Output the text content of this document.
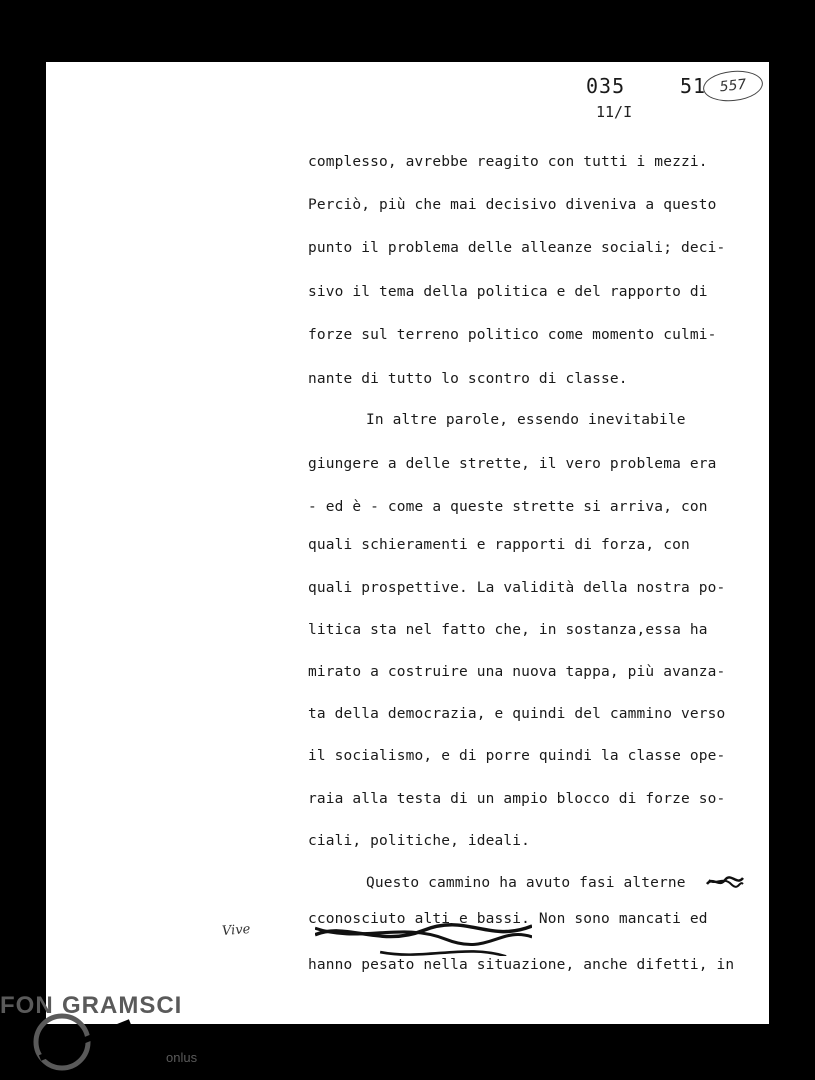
035	51 557
11/I
complesso, avrebbe reagito con tutti i mezzi.
Perciò, più che mai decisivo diveniva a questo
punto il problema delle alleanze sociali; deci-
sivo il tema della politica e del rapporto di
forze sul terreno politico come momento culmi-
nante di tutto lo scontro di classe.
In altre parole, essendo inevitabile
giungere a delle strette, il vero problema era
- ed è - come a queste strette si arriva, con
quali schieramenti e rapporti di forza, con
quali prospettive. La validità della nostra po-
litica sta nel fatto che, in sostanza,essa ha
mirato a costruire una nuova tappa, più avanza-
ta della democrazia, e quindi del cammino verso
il socialismo, e di porre quindi la classe ope-
raia alla testa di un ampio blocco di forze so-
ciali, politiche, ideali.
Questo cammino ha avuto fasi alterne
cconosciuto alti e bassi.
Non sono mancati ed
hanno pesato nella situazione, anche difetti, in
Vive
FON GRAMSCI
onlus
